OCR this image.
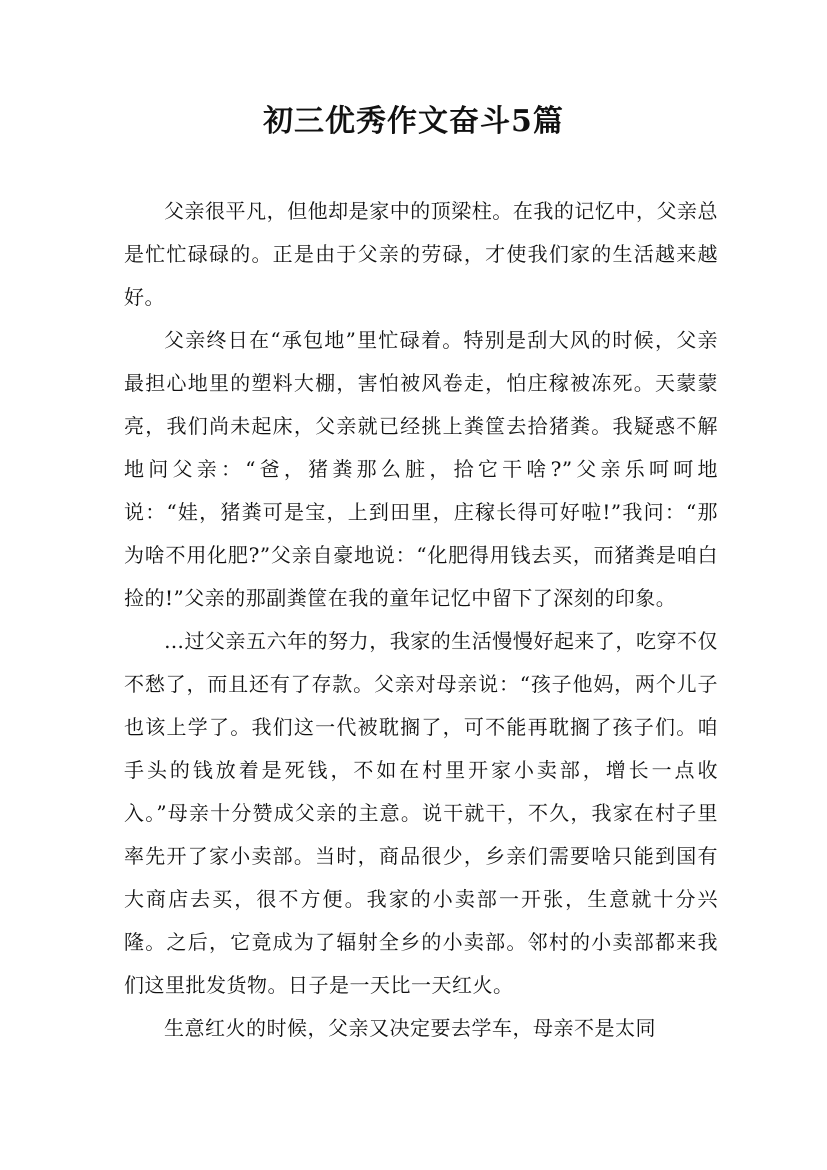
初三优秀作文奋斗5篇

父亲很平凡，但他却是家中的顶梁柱。在我的记忆中，父亲总是忙忙碌碌的。正是由于父亲的劳碌，才使我们家的生活越来越好。

父亲终日在“承包地”里忙碌着。特别是刮大风的时候，父亲最担心地里的塑料大棚，害怕被风卷走，怕庄稼被冻死。天蒙蒙亮，我们尚未起床，父亲就已经挑上粪筐去拾猪粪。我疑惑不解地问父亲：“爸，猪粪那么脏，拾它干啥?”父亲乐呵呵地说：“娃，猪粪可是宝，上到田里，庄稼长得可好啦!”我问：“那为啥不用化肥?”父亲自豪地说：“化肥得用钱去买，而猪粪是咱白捡的!”父亲的那副粪筐在我的童年记忆中留下了深刻的印象。

…过父亲五六年的努力，我家的生活慢慢好起来了，吃穿不仅不愁了，而且还有了存款。父亲对母亲说：“孩子他妈，两个儿子也该上学了。我们这一代被耽搁了，可不能再耽搁了孩子们。咱手头的钱放着是死钱，不如在村里开家小卖部，增长一点收入。”母亲十分赞成父亲的主意。说干就干，不久，我家在村子里率先开了家小卖部。当时，商品很少，乡亲们需要啥只能到国有大商店去买，很不方便。我家的小卖部一开张，生意就十分兴隆。之后，它竟成为了辐射全乡的小卖部。邻村的小卖部都来我们这里批发货物。日子是一天比一天红火。

生意红火的时候，父亲又决定要去学车，母亲不是太同
